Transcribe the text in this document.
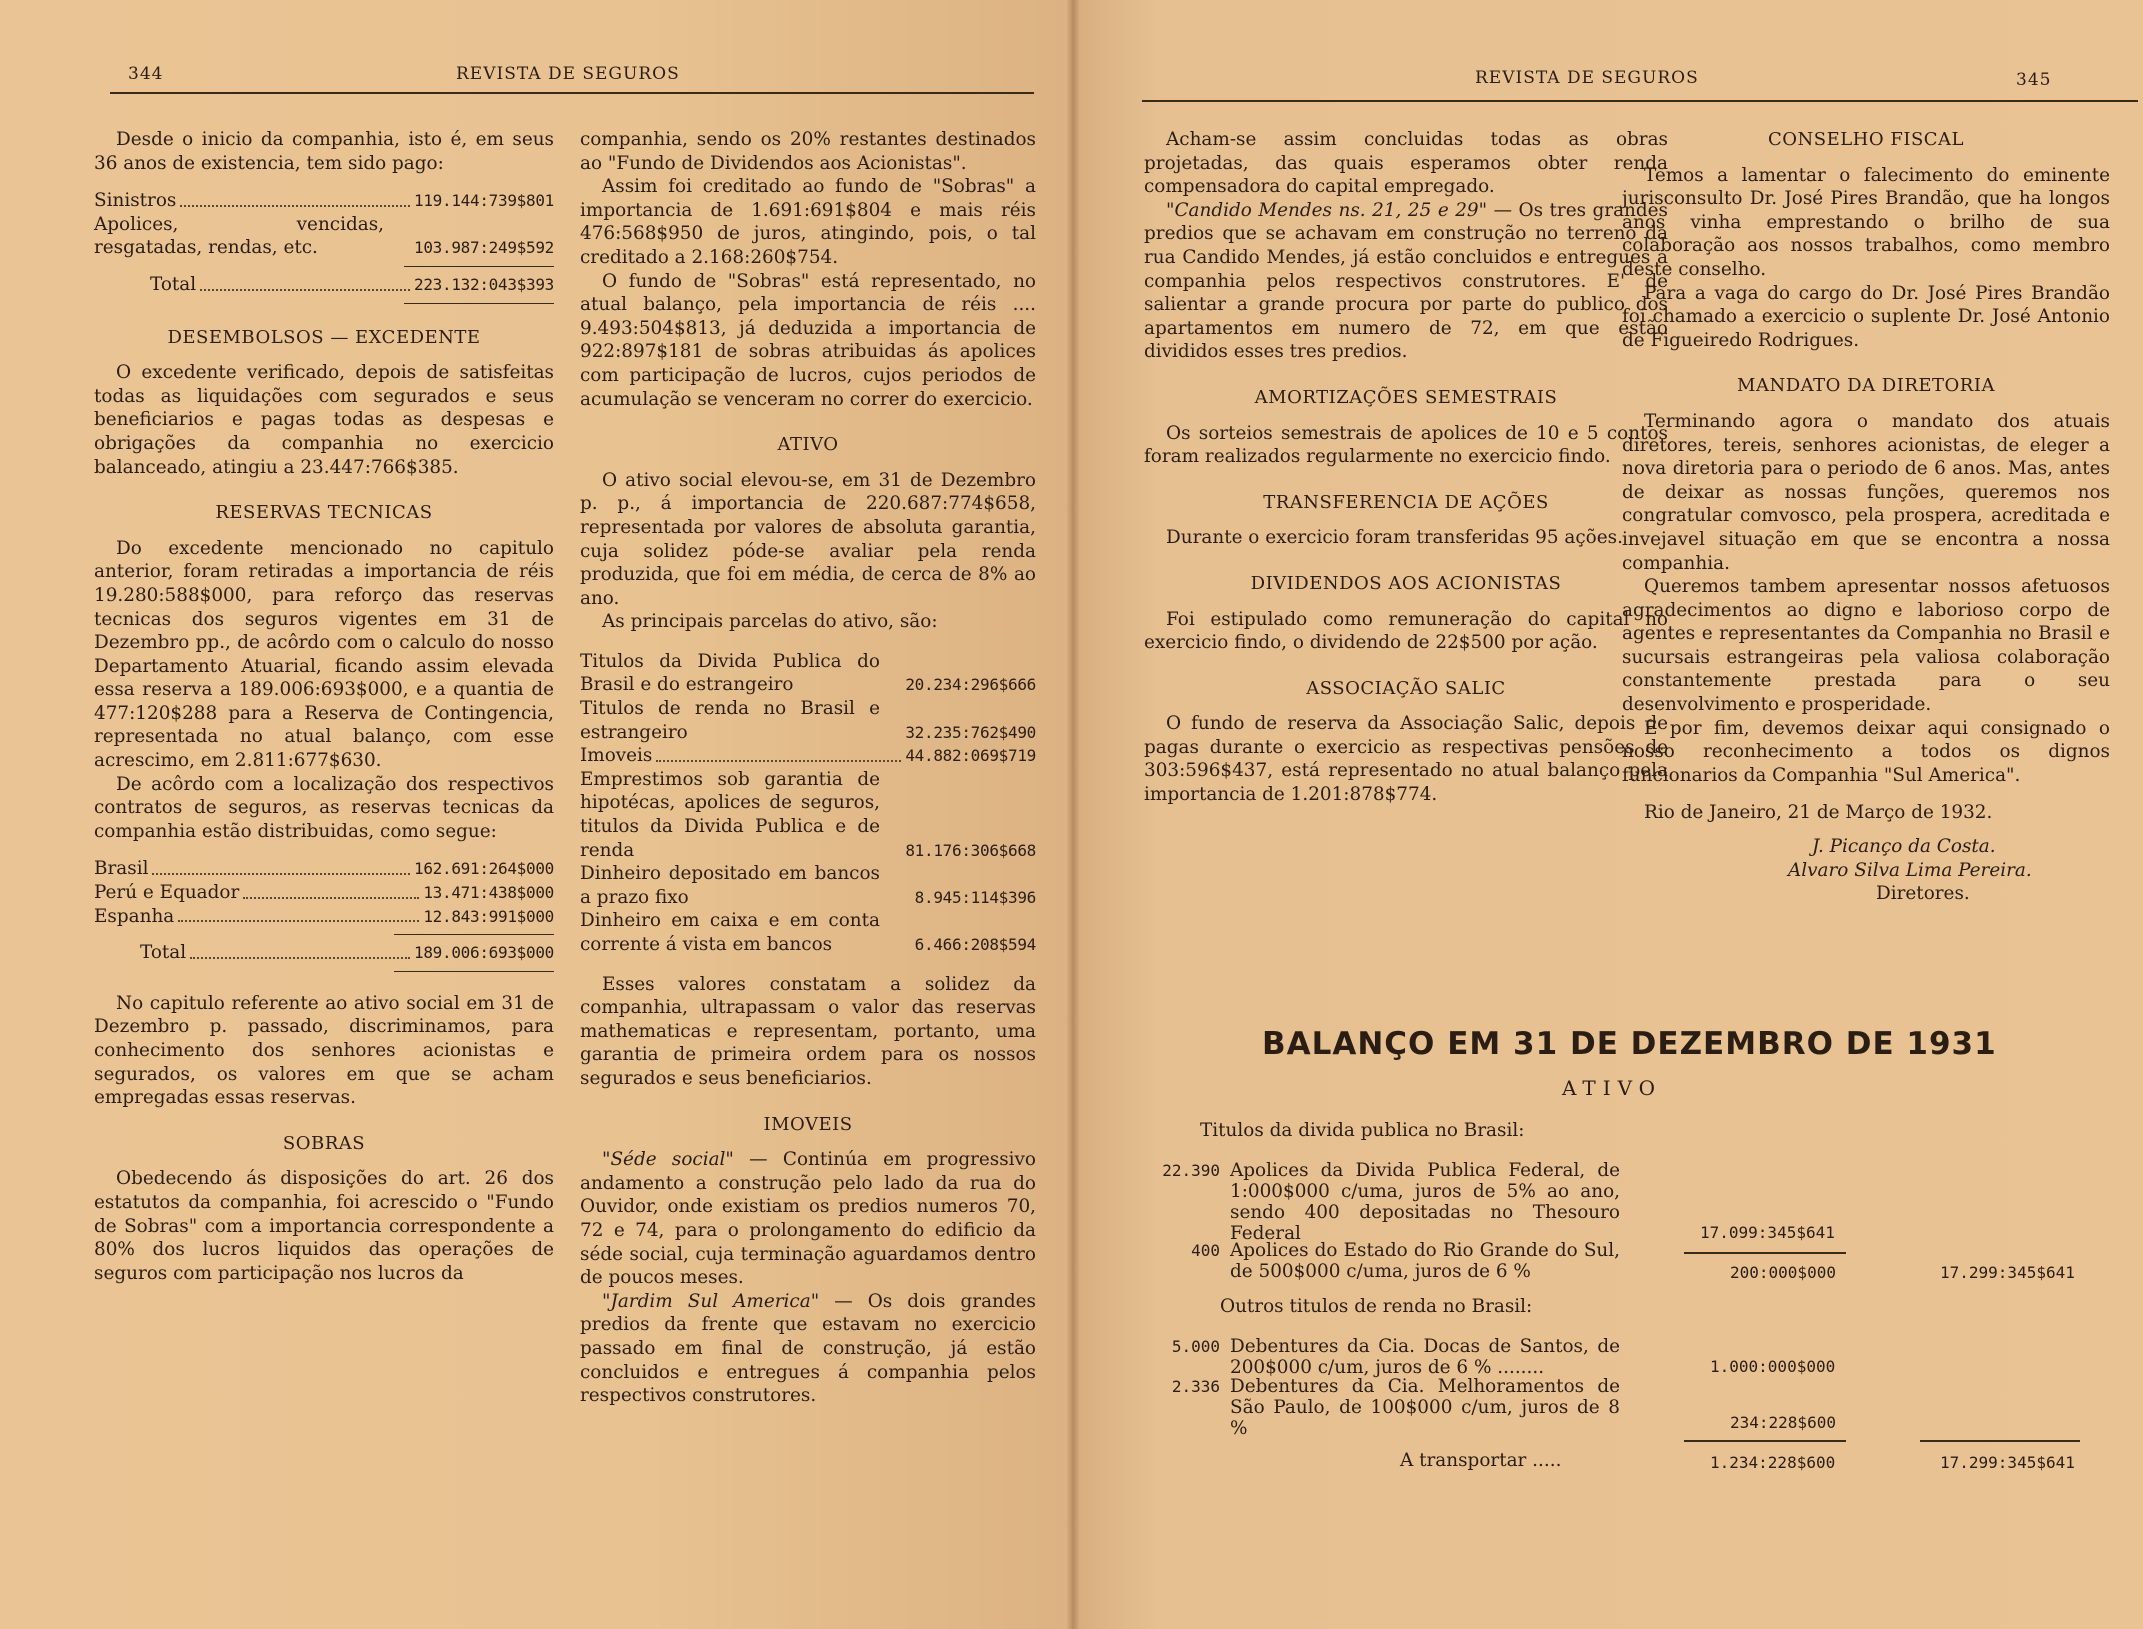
344	REVISTA DE SEGUROS

Desde o inicio da companhia, isto é, em seus 36 anos de existencia, tem sido pago:

Sinistros	119.144:739$801
Apolices, vencidas, resgatadas, rendas, etc.	103.987:249$592
Total	223.132:043$393
DESEMBOLSOS — EXCEDENTE

O excedente verificado, depois de satisfeitas todas as liquidações com segurados e seus beneficiarios e pagas todas as despesas e obrigações da companhia no exercicio balanceado, atingiu a 23.447:766$385.

RESERVAS TECNICAS

Do excedente mencionado no capitulo anterior, foram retiradas a importancia de réis 19.280:588$000, para reforço das reservas tecnicas dos seguros vigentes em 31 de Dezembro pp., de acôrdo com o calculo do nosso Departamento Atuarial, ficando assim elevada essa reserva a 189.006:693$000, e a quantia de 477:120$288 para a Reserva de Contingencia, representada no atual balanço, com esse acrescimo, em 2.811:677$630.

De acôrdo com a localização dos respectivos contratos de seguros, as reservas tecnicas da companhia estão distribuidas, como segue:

Brasil	162.691:264$000
Perú e Equador	13.471:438$000
Espanha	12.843:991$000
Total	189.006:693$000

No capitulo referente ao ativo social em 31 de Dezembro p. passado, discriminamos, para conhecimento dos senhores acionistas e segurados, os valores em que se acham empregadas essas reservas.

SOBRAS

Obedecendo ás disposições do art. 26 dos estatutos da companhia, foi acrescido o "Fundo de Sobras" com a importancia correspondente a 80% dos lucros liquidos das operações de seguros com participação nos lucros da

companhia, sendo os 20% restantes destinados ao "Fundo de Dividendos aos Acionistas".

Assim foi creditado ao fundo de "Sobras" a importancia de 1.691:691$804 e mais réis 476:568$950 de juros, atingindo, pois, o tal creditado a 2.168:260$754.

O fundo de "Sobras" está representado, no atual balanço, pela importancia de réis .... 9.493:504$813, já deduzida a importancia de 922:897$181 de sobras atribuidas ás apolices com participação de lucros, cujos periodos de acumulação se venceram no correr do exercicio.

ATIVO

O ativo social elevou-se, em 31 de Dezembro p. p., á importancia de 220.687:774$658, representada por valores de absoluta garantia, cuja solidez póde-se avaliar pela renda produzida, que foi em média, de cerca de 8% ao ano.

As principais parcelas do ativo, são:

Titulos da Divida Publica do Brasil e do estrangeiro	20.234:296$666
Titulos de renda no Brasil e estrangeiro	32.235:762$490
Imoveis	44.882:069$719
Emprestimos sob garantia de hipotécas, apolices de seguros, titulos da Divida Publica e de renda	81.176:306$668
Dinheiro depositado em bancos a prazo fixo	8.945:114$396
Dinheiro em caixa e em conta corrente á vista em bancos	6.466:208$594

Esses valores constatam a solidez da companhia, ultrapassam o valor das reservas mathematicas e representam, portanto, uma garantia de primeira ordem para os nossos segurados e seus beneficiarios.

IMOVEIS

"Séde social" — Continúa em progressivo andamento a construção pelo lado da rua do Ouvidor, onde existiam os predios numeros 70, 72 e 74, para o prolongamento do edificio da séde social, cuja terminação aguardamos dentro de poucos meses.

"Jardim Sul America" — Os dois grandes predios da frente que estavam no exercicio passado em final de construção, já estão concluidos e entregues á companhia pelos respectivos construtores.

REVISTA DE SEGUROS	345

Acham-se assim concluidas todas as obras projetadas, das quais esperamos obter renda compensadora do capital empregado.

"Candido Mendes ns. 21, 25 e 29" — Os tres grandes predios que se achavam em construção no terreno da rua Candido Mendes, já estão concluidos e entregues á companhia pelos respectivos construtores. E' de salientar a grande procura por parte do publico dos apartamentos em numero de 72, em que estão divididos esses tres predios.

AMORTIZAÇÕES SEMESTRAIS

Os sorteios semestrais de apolices de 10 e 5 contos foram realizados regularmente no exercicio findo.

TRANSFERENCIA DE AÇÕES

Durante o exercicio foram transferidas 95 ações.

DIVIDENDOS AOS ACIONISTAS

Foi estipulado como remuneração do capital no exercicio findo, o dividendo de 22$500 por ação.

ASSOCIAÇÃO SALIC

O fundo de reserva da Associação Salic, depois de pagas durante o exercicio as respectivas pensões de 303:596$437, está representado no atual balanço pela importancia de 1.201:878$774.

CONSELHO FISCAL

Temos a lamentar o falecimento do eminente jurisconsulto Dr. José Pires Brandão, que ha longos anos vinha emprestando o brilho de sua colaboração aos nossos trabalhos, como membro deste conselho.

Para a vaga do cargo do Dr. José Pires Brandão foi chamado a exercicio o suplente Dr. José Antonio de Figueiredo Rodrigues.

MANDATO DA DIRETORIA

Terminando agora o mandato dos atuais diretores, tereis, senhores acionistas, de eleger a nova diretoria para o periodo de 6 anos. Mas, antes de deixar as nossas funções, queremos nos congratular comvosco, pela prosperа, acreditada e invejavel situação em que se encontra a nossa companhia.

Queremos tambem apresentar nossos afetuosos agradecimentos ao digno e laborioso corpo de agentes e representantes da Companhia no Brasil e sucursais estrangeiras pela valiosa colaboração constantemente prestada para o seu desenvolvimento e prosperidade.

E por fim, devemos deixar aqui consignado o nosso reconhecimento a todos os dignos funcionarios da Companhia "Sul America".

Rio de Janeiro, 21 de Março de 1932.

J. Picanço da Costa.
Alvaro Silva Lima Pereira.
Diretores.
BALANÇO EM 31 DE DEZEMBRO DE 1931
ATIVO
Titulos da divida publica no Brasil:
22.390 Apolices da Divida Publica Federal, de 1:000$000 c/uma, juros de 5% ao ano, sendo 400 depositadas no Thesouro Federal	17.099:345$641
400 Apolices do Estado do Rio Grande do Sul, de 500$000 c/uma, juros de 6 %	200:000$000	17.299:345$641
Outros titulos de renda no Brasil:
5.000 Debentures da Cia. Docas de Santos, de 200$000 c/um, juros de 6 % ........	1.000:000$000
2.336 Debentures da Cia. Melhoramentos de São Paulo, de 100$000 c/um, juros de 8 %	234:228$600
A transportar .....	1.234:228$600	17.299:345$641
